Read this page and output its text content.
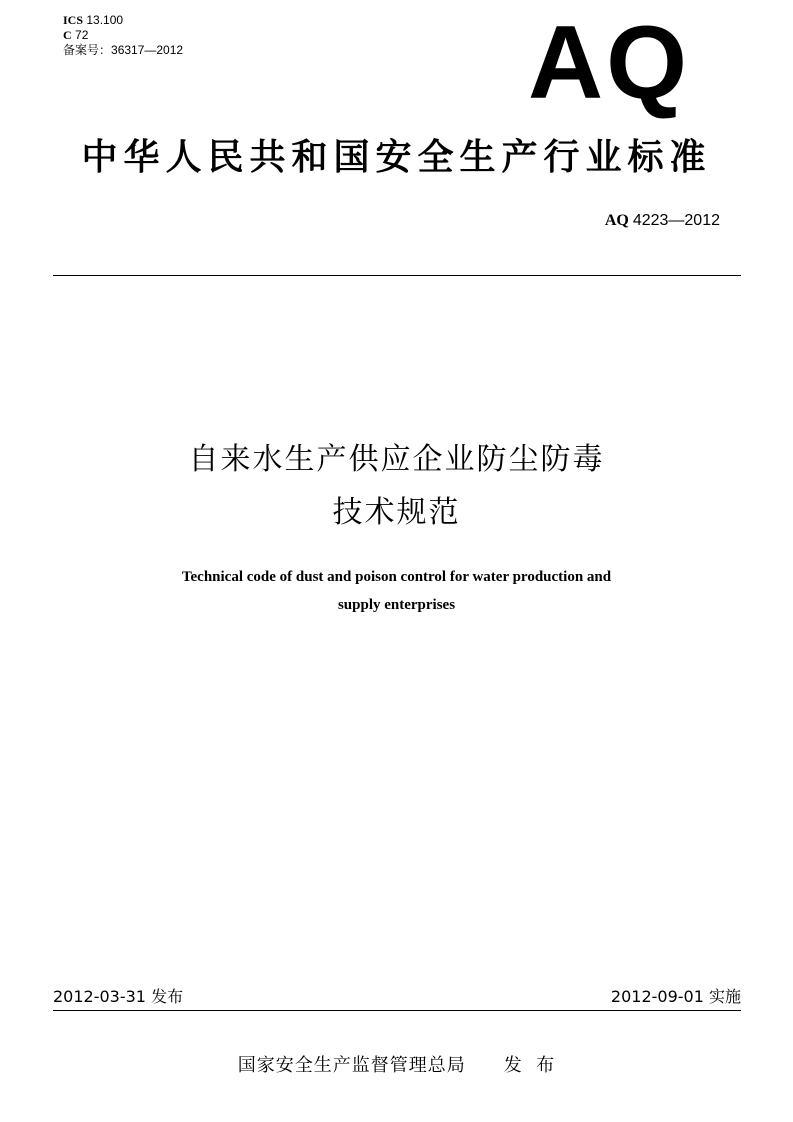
ICS 13.100
C 72
备案号：36317—2012	AQ
中华人民共和国安全生产行业标准
AQ 4223—2012
自来水生产供应企业防尘防毒
技术规范
Technical code of dust and poison control for water production and
supply enterprises
2012-03-31 发布	2012-09-01 实施
国家安全生产监督管理总局 发  布
